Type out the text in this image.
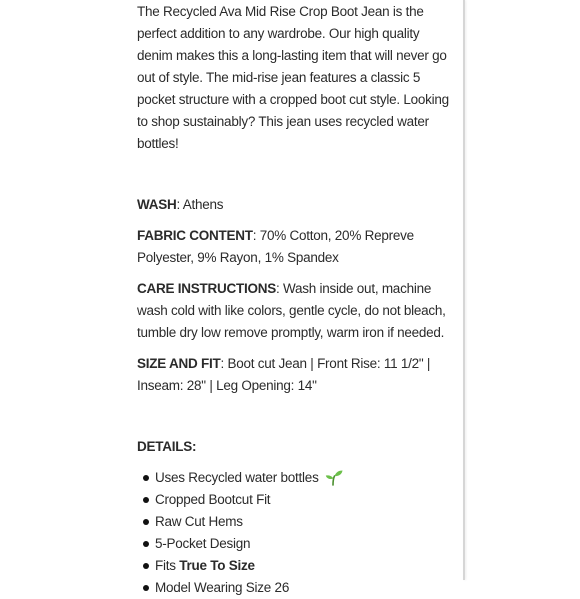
The Recycled Ava Mid Rise Crop Boot Jean is the perfect addition to any wardrobe. Our high quality denim makes this a long-lasting item that will never go out of style. The mid-rise jean features a classic 5 pocket structure with a cropped boot cut style. Looking to shop sustainably? This jean uses recycled water bottles!

WASH: Athens

FABRIC CONTENT: 70% Cotton, 20% Repreve Polyester, 9% Rayon, 1% Spandex

CARE INSTRUCTIONS: Wash inside out, machine wash cold with like colors, gentle cycle, do not bleach, tumble dry low remove promptly, warm iron if needed.

SIZE AND FIT: Boot cut Jean | Front Rise: 11 1/2" | Inseam: 28" | Leg Opening: 14"

DETAILS:

Uses Recycled water bottles
Cropped Bootcut Fit
Raw Cut Hems
5-Pocket Design
Fits True To Size
Model Wearing Size 26
